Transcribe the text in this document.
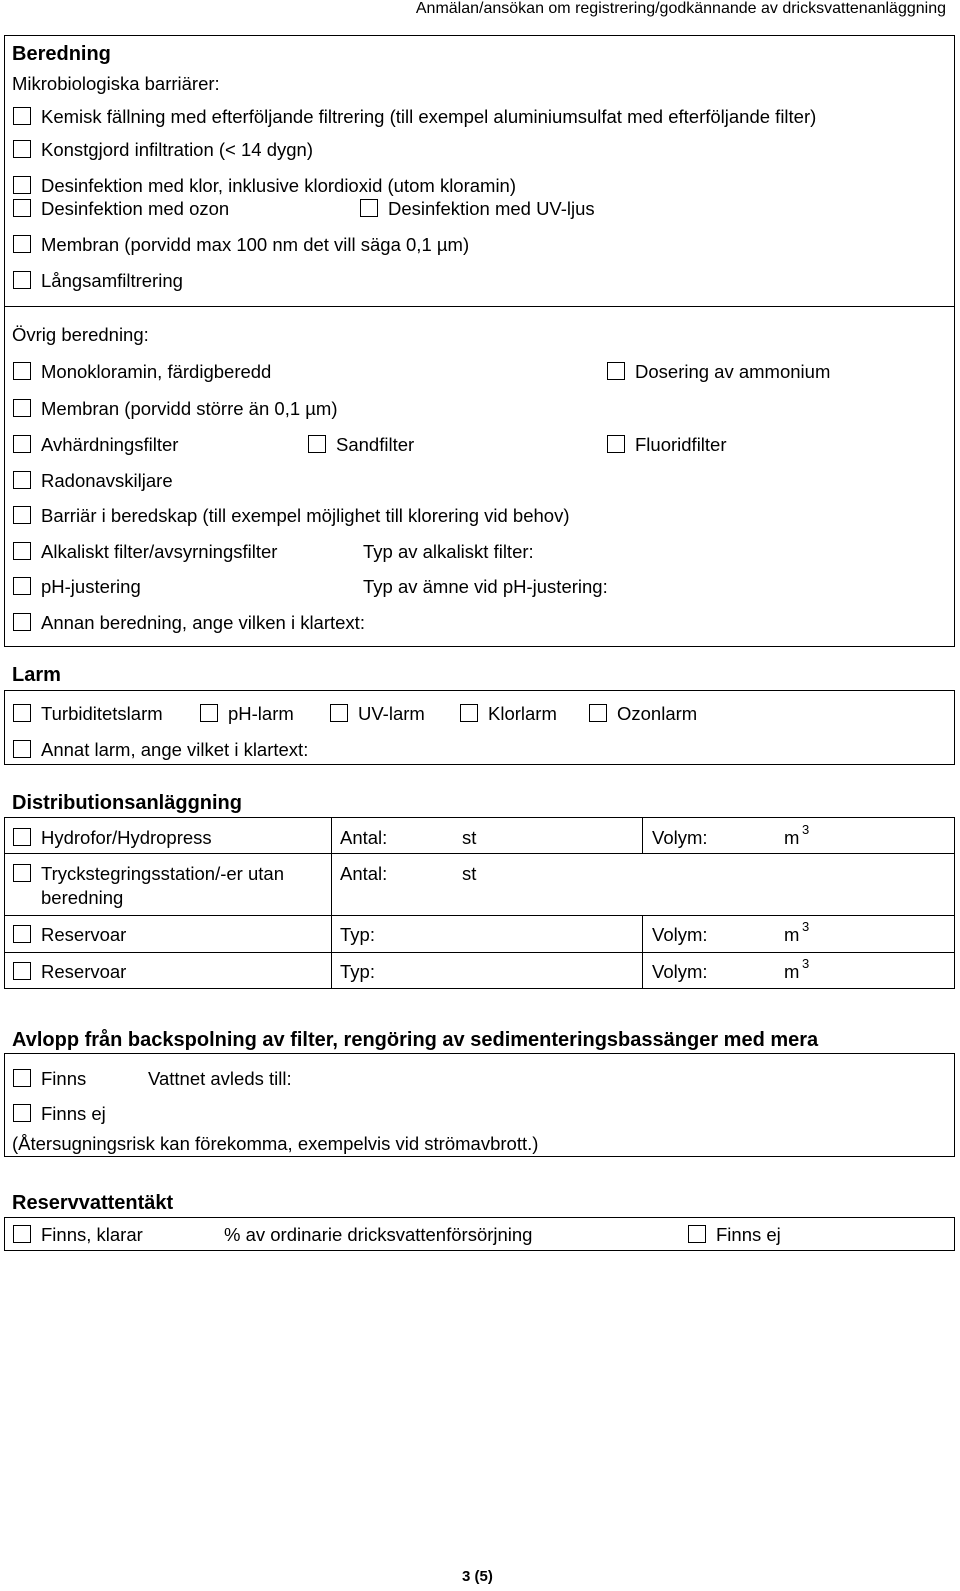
Anmälan/ansökan om registrering/godkännande av dricksvattenanläggning
Beredning
Mikrobiologiska barriärer:
Kemisk fällning med efterföljande filtrering (till exempel aluminiumsulfat med efterföljande filter)
Konstgjord infiltration (< 14 dygn)
Desinfektion med klor, inklusive klordioxid (utom kloramin)
Desinfektion med ozon	Desinfektion med UV-ljus
Membran (porvidd max 100 nm det vill säga 0,1 µm)
Långsamfiltrering
Övrig beredning:
Monokloramin, färdigberedd	Dosering av ammonium
Membran (porvidd större än 0,1 µm)
Avhärdningsfilter	Sandfilter	Fluoridfilter
Radonavskiljare
Barriär i beredskap (till exempel möjlighet till klorering vid behov)
Alkaliskt filter/avsyrningsfilter	Typ av alkaliskt filter:
pH-justering	Typ av ämne vid pH-justering:
Annan beredning, ange vilken i klartext:
Larm
Turbiditetslarm	pH-larm	UV-larm	Klorlarm	Ozonlarm
Annat larm, ange vilket i klartext:
Distributionsanläggning
Hydrofor/Hydropress	Antal:	st	Volym:	m 3
Tryckstegringsstation/-er utan
beredning
Antal:	st
Reservoar	Typ:	Volym:	m 3
Reservoar	Typ:	Volym:	m 3
Avlopp från backspolning av filter, rengöring av sedimenteringsbassänger med mera
Finns	Vattnet avleds till:
Finns ej
(Återsugningsrisk kan förekomma, exempelvis vid strömavbrott.)
Reservvattentäkt
Finns, klarar	% av ordinarie dricksvattenförsörjning	Finns ej
3 (5)
